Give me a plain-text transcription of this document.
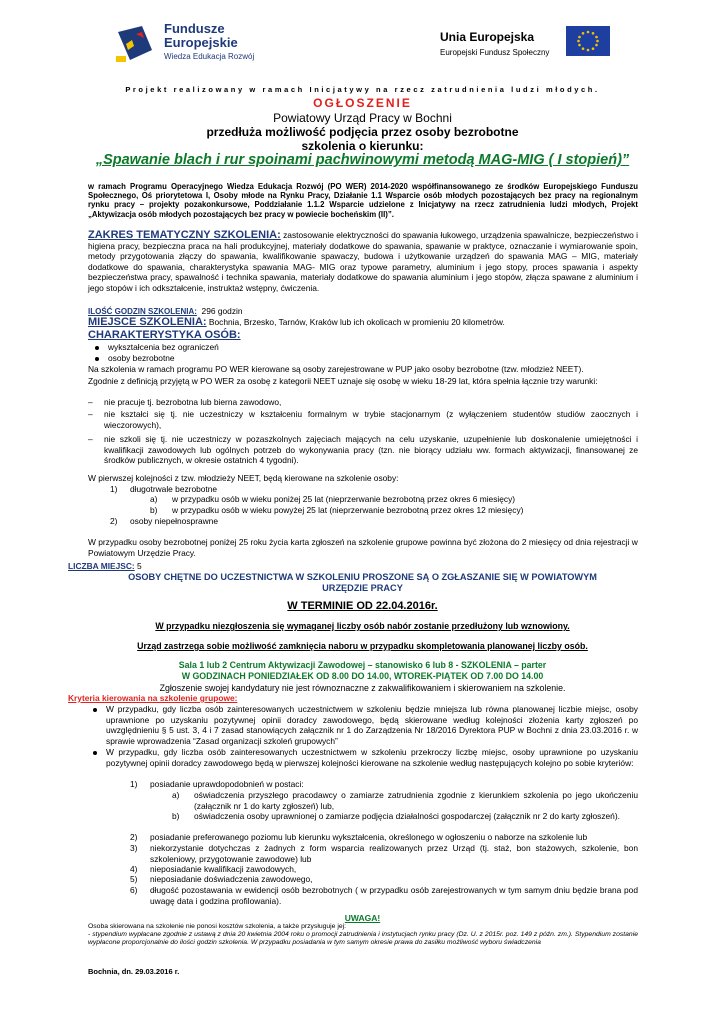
Fundusze
Europejskie
Wiedza Edukacja Rozwój
Unia Europejska
Europejski Fundusz Społeczny
Projekt realizowany w ramach Inicjatywy na rzecz zatrudnienia ludzi młodych.
OGŁOSZENIE
Powiatowy Urząd Pracy w Bochni
przedłuża możliwość podjęcia przez osoby bezrobotne
szkolenia o kierunku:
„Spawanie blach i rur spoinami pachwinowymi metodą MAG-MIG ( I stopień)”
w ramach Programu Operacyjnego Wiedza Edukacja Rozwój (PO WER) 2014-2020 współfinansowanego ze środków Europejskiego Funduszu Społecznego, Oś priorytetowa I, Osoby młode na Rynku Pracy, Działanie 1.1 Wsparcie osób młodych pozostających bez pracy na regionalnym rynku pracy – projekty pozakonkursowe, Poddziałanie 1.1.2 Wsparcie udzielone z Inicjatywy na rzecz zatrudnienia ludzi młodych, Projekt „Aktywizacja osób młodych pozostających bez pracy w powiecie bocheńskim (II)”.
ZAKRES TEMATYCZNY SZKOLENIA: zastosowanie elektryczności do spawania łukowego, urządzenia spawalnicze, bezpieczeństwo i higiena pracy, bezpieczna praca na hali produkcyjnej, materiały dodatkowe do spawania, spawanie w praktyce, oznaczanie i wymiarowanie spoin, metody przygotowania złączy do spawania, kwalifikowanie spawaczy, budowa i użytkowanie urządzeń do spawania MAG – MIG, materiały dodatkowe do spawania, charakterystyka spawania MAG- MIG oraz typowe parametry, aluminium i jego stopy, proces spawania i aspekty bezpieczeństwa pracy, spawalność i technika spawania, materiały dodatkowe do spawania aluminium i jego stopów, złącza spawane z aluminium i jego stopów i ich odkształcenie, instruktaż wstępny, ćwiczenia.
ILOŚĆ GODZIN SZKOLENIA: 296 godzin
MIEJSCE SZKOLENIA: Bochnia, Brzesko, Tarnów, Kraków lub ich okolicach w promieniu 20 kilometrów.
CHARAKTERYSTYKA OSÓB:
wykształcenia bez ograniczeń
osoby bezrobotne
Na szkolenia w ramach programu PO WER kierowane są osoby zarejestrowane w PUP jako osoby bezrobotne (tzw. młodzież NEET).
Zgodnie z definicją przyjętą w PO WER za osobę z kategorii NEET uznaje się osobę w wieku 18-29 lat, która spełnia łącznie trzy warunki:
– nie pracuje tj. bezrobotna lub bierna zawodowo,
– nie kształci się tj. nie uczestniczy w kształceniu formalnym w trybie stacjonarnym (z wyłączeniem studentów studiów zaocznych i wieczorowych),
– nie szkoli się tj. nie uczestniczy w pozaszkolnych zajęciach mających na celu uzyskanie, uzupełnienie lub doskonalenie umiejętności i kwalifikacji zawodowych lub ogólnych potrzeb do wykonywania pracy (tzn. nie biorący udziału ww. formach aktywizacji, finansowanej ze środków publicznych, w okresie ostatnich 4 tygodni).
W pierwszej kolejności z tzw. młodzieży NEET, będą kierowane na szkolenie osoby:
1) długotrwale bezrobotne
a) w przypadku osób w wieku poniżej 25 lat (nieprzerwanie bezrobotną przez okres 6 miesięcy)
b) w przypadku osób w wieku powyżej 25 lat (nieprzerwanie bezrobotną przez okres 12 miesięcy)
2) osoby niepełnosprawne
W przypadku osoby bezrobotnej poniżej 25 roku życia karta zgłoszeń na szkolenie grupowe powinna być złożona do 2 miesięcy od dnia rejestracji w Powiatowym Urzędzie Pracy.
LICZBA MIEJSC: 5
OSOBY CHĘTNE DO UCZESTNICTWA W SZKOLENIU PROSZONE SĄ O ZGŁASZANIE SIĘ W POWIATOWYM URZĘDZIE PRACY
W TERMINIE OD 22.04.2016r.
W przypadku niezgłoszenia się wymaganej liczby osób nabór zostanie przedłużony lub wznowiony.
Urząd zastrzega sobie możliwość zamknięcia naboru w przypadku skompletowania planowanej liczby osób.
Sala 1 lub 2 Centrum Aktywizacji Zawodowej – stanowisko 6 lub 8 - SZKOLENIA – parter
W GODZINACH PONIEDZIAŁEK OD 8.00 DO 14.00, WTOREK-PIĄTEK OD 7.00 DO 14.00
Zgłoszenie swojej kandydatury nie jest równoznaczne z zakwalifikowaniem i skierowaniem na szkolenie.
Kryteria kierowania na szkolenie grupowe:
W przypadku, gdy liczba osób zainteresowanych uczestnictwem w szkoleniu będzie mniejsza lub równa planowanej liczbie miejsc, osoby uprawnione po uzyskaniu pozytywnej opinii doradcy zawodowego, będą skierowane według kolejności złożenia karty zgłoszeń po uwzględnieniu § 5 ust. 3, 4 i 7 zasad stanowiących załącznik nr 1 do Zarządzenia Nr 18/2016 Dyrektora PUP w Bochni z dnia 23.03.2016 r. w sprawie wprowadzenia “Zasad organizacji szkoleń grupowych”
W przypadku, gdy liczba osób zainteresowanych uczestnictwem w szkoleniu przekroczy liczbę miejsc, osoby uprawnione po uzyskaniu pozytywnej opinii doradcy zawodowego będą w pierwszej kolejności kierowane na szkolenie według następujących kolejno po sobie kryteriów:
1) posiadanie uprawdopodobnień w postaci:
a) oświadczenia przyszłego pracodawcy o zamiarze zatrudnienia zgodnie z kierunkiem szkolenia po jego ukończeniu (załącznik nr 1 do karty zgłoszeń) lub,
b) oświadczenia osoby uprawnionej o zamiarze podjęcia działalności gospodarczej (załącznik nr 2 do karty zgłoszeń).
2) posiadanie preferowanego poziomu lub kierunku wykształcenia, określonego w ogłoszeniu o naborze na szkolenie lub
3) niekorzystanie dotychczas z żadnych z form wsparcia realizowanych przez Urząd (tj. staż, bon stażowych, szkolenie, bon szkoleniowy, przygotowanie zawodowe) lub
4) nieposiadanie kwalifikacji zawodowych,
5) nieposiadanie doświadczenia zawodowego,
6) długość pozostawania w ewidencji osób bezrobotnych ( w przypadku osób zarejestrowanych w tym samym dniu będzie brana pod uwagę data i godzina profilowania).
UWAGA!
Osoba skierowana na szkolenie nie ponosi kosztów szkolenia, a także przysługuje jej:
- stypendium wypłacane zgodnie z ustawą z dnia 20 kwietnia 2004 roku o promocji zatrudnienia i instytucjach rynku pracy (Dz. U. z 2015r. poz. 149 z późn. zm.). Stypendium zostanie wypłacone proporcjonalnie do ilości godzin szkolenia. W przypadku posiadania w tym samym okresie prawa do zasiłku możliwość wyboru świadczenia
Bochnia, dn. 29.03.2016 r.
